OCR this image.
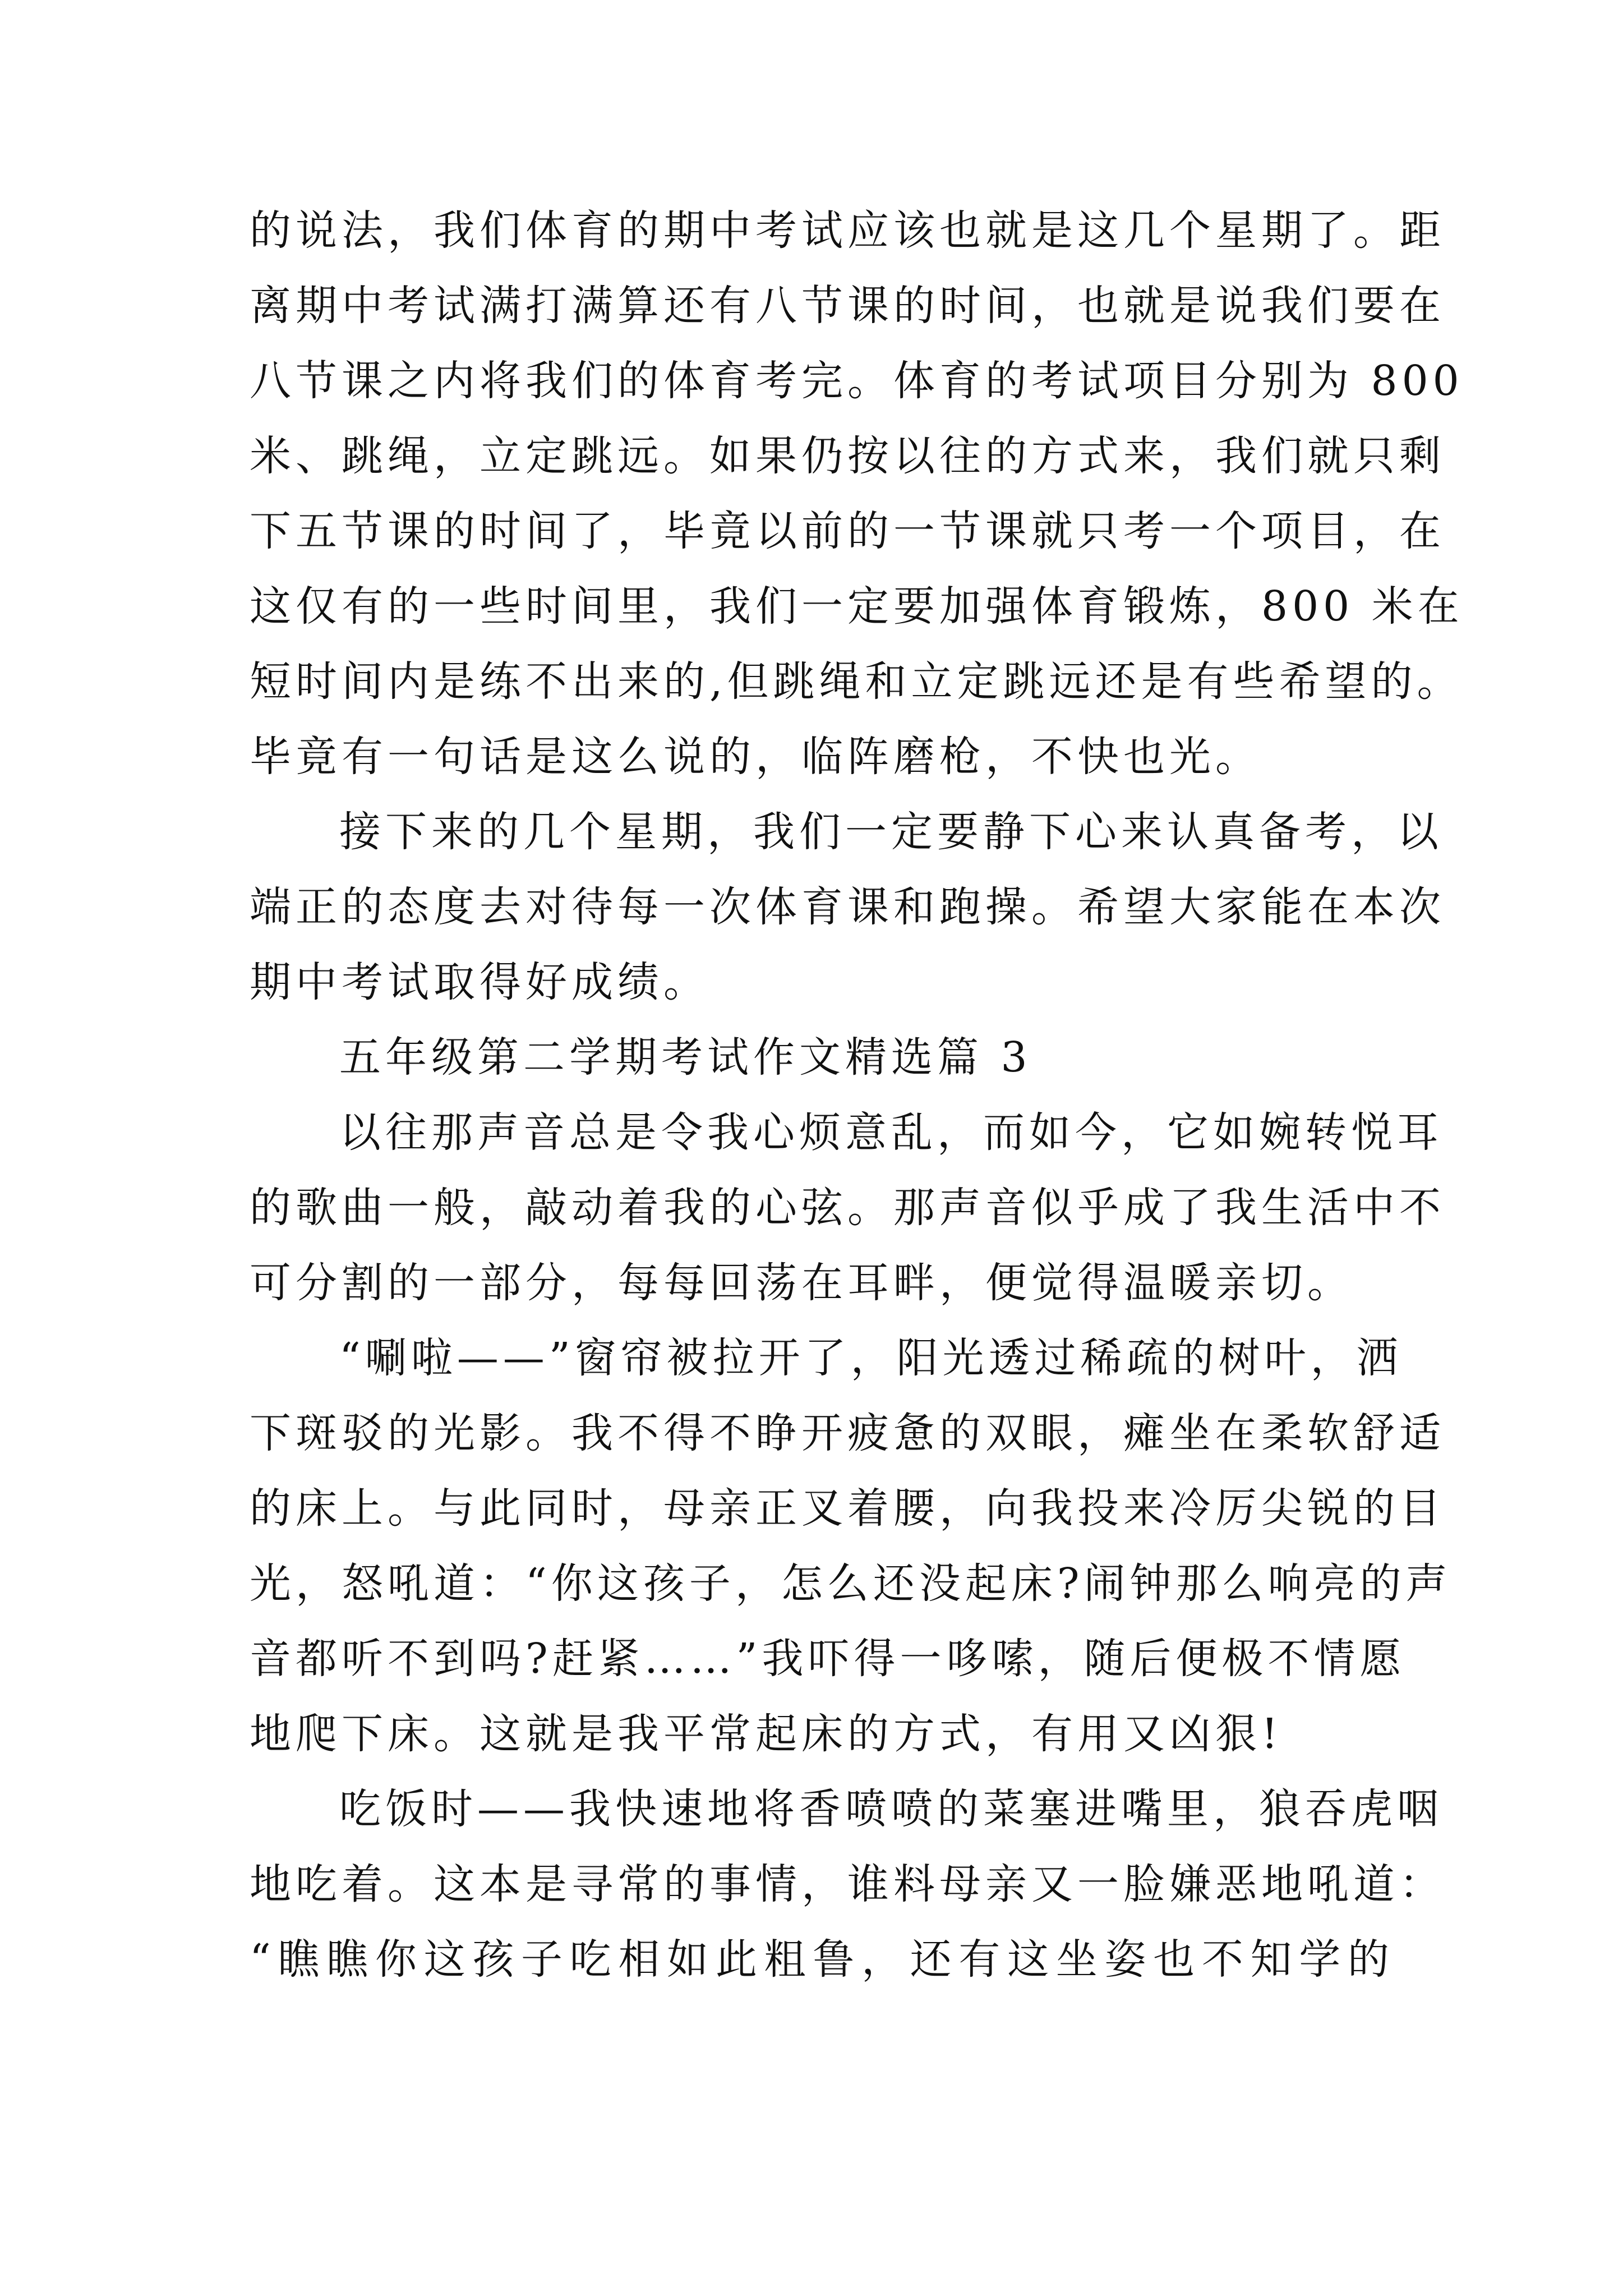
的说法，我们体育的期中考试应该也就是这几个星期了。距
离期中考试满打满算还有八节课的时间，也就是说我们要在
八节课之内将我们的体育考完。体育的考试项目分别为 800
米、跳绳，立定跳远。如果仍按以往的方式来，我们就只剩
下五节课的时间了，毕竟以前的一节课就只考一个项目，在
这仅有的一些时间里，我们一定要加强体育锻炼，800 米在
短时间内是练不出来的,但跳绳和立定跳远还是有些希望的。
毕竟有一句话是这么说的，临阵磨枪，不快也光。
接下来的几个星期，我们一定要静下心来认真备考，以
端正的态度去对待每一次体育课和跑操。希望大家能在本次
期中考试取得好成绩。
五年级第二学期考试作文精选篇 3
以往那声音总是令我心烦意乱，而如今，它如婉转悦耳
的歌曲一般，敲动着我的心弦。那声音似乎成了我生活中不
可分割的一部分，每每回荡在耳畔，便觉得温暖亲切。
“唰啦——”窗帘被拉开了，阳光透过稀疏的树叶，洒
下斑驳的光影。我不得不睁开疲惫的双眼，瘫坐在柔软舒适
的床上。与此同时，母亲正叉着腰，向我投来冷厉尖锐的目
光，怒吼道：“你这孩子，怎么还没起床?闹钟那么响亮的声
音都听不到吗?赶紧……”我吓得一哆嗦，随后便极不情愿
地爬下床。这就是我平常起床的方式，有用又凶狠!
吃饭时——我快速地将香喷喷的菜塞进嘴里，狼吞虎咽
地吃着。这本是寻常的事情，谁料母亲又一脸嫌恶地吼道：
“瞧瞧你这孩子吃相如此粗鲁，还有这坐姿也不知学的
